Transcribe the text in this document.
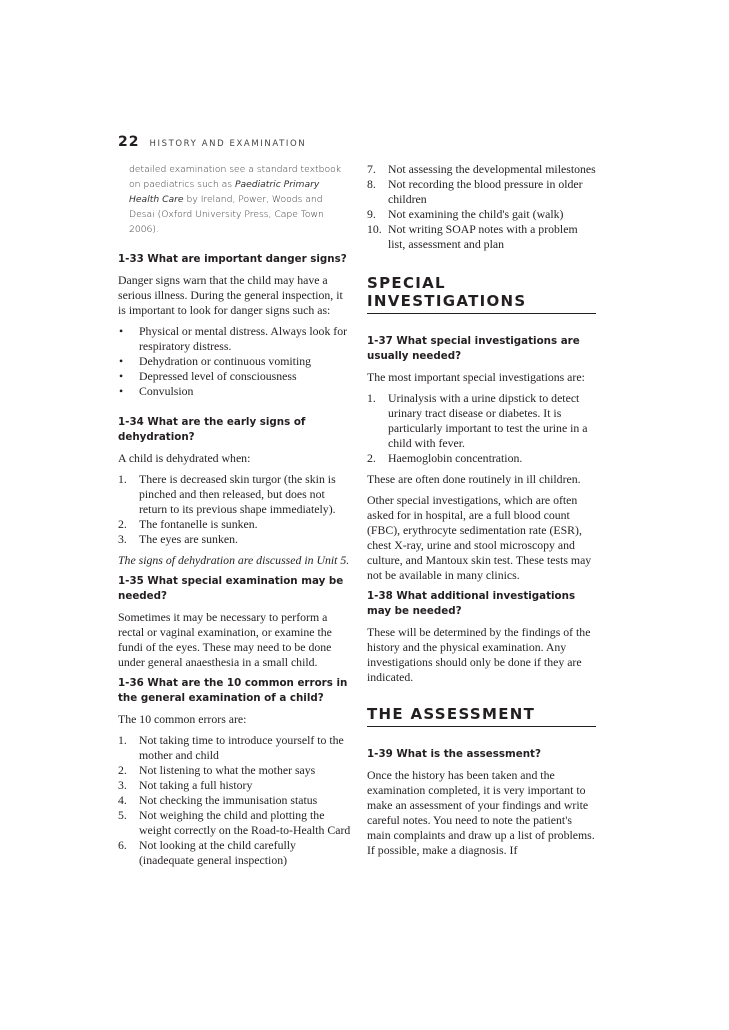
22 HISTORY AND EXAMINATION

detailed examination see a standard textbook on paediatrics such as Paediatric Primary Health Care by Ireland, Power, Woods and Desai (Oxford University Press, Cape Town 2006).

1-33 What are important danger signs?

Danger signs warn that the child may have a serious illness. During the general inspection, it is important to look for danger signs such as:

• Physical or mental distress. Always look for respiratory distress.
• Dehydration or continuous vomiting
• Depressed level of consciousness
• Convulsion
1-34 What are the early signs of dehydration?

A child is dehydrated when:

1. There is decreased skin turgor (the skin is pinched and then released, but does not return to its previous shape immediately).
2. The fontanelle is sunken.
3. The eyes are sunken.

The signs of dehydration are discussed in Unit 5.

1-35 What special examination may be needed?

Sometimes it may be necessary to perform a rectal or vaginal examination, or examine the fundi of the eyes. These may need to be done under general anaesthesia in a small child.

1-36 What are the 10 common errors in the general examination of a child?

The 10 common errors are:

1. Not taking time to introduce yourself to the mother and child
2. Not listening to what the mother says
3. Not taking a full history
4. Not checking the immunisation status
5. Not weighing the child and plotting the weight correctly on the Road-to-Health Card
6. Not looking at the child carefully (inadequate general inspection)
7. Not assessing the developmental milestones
8. Not recording the blood pressure in older children
9. Not examining the child's gait (walk)
10. Not writing SOAP notes with a problem list, assessment and plan
SPECIAL INVESTIGATIONS
1-37 What special investigations are usually needed?

The most important special investigations are:

1. Urinalysis with a urine dipstick to detect urinary tract disease or diabetes. It is particularly important to test the urine in a child with fever.
2. Haemoglobin concentration.

These are often done routinely in ill children.

Other special investigations, which are often asked for in hospital, are a full blood count (FBC), erythrocyte sedimentation rate (ESR), chest X-ray, urine and stool microscopy and culture, and Mantoux skin test. These tests may not be available in many clinics.

1-38 What additional investigations may be needed?

These will be determined by the findings of the history and the physical examination. Any investigations should only be done if they are indicated.

THE ASSESSMENT
1-39 What is the assessment?

Once the history has been taken and the examination completed, it is very important to make an assessment of your findings and write careful notes. You need to note the patient's main complaints and draw up a list of problems. If possible, make a diagnosis. If
